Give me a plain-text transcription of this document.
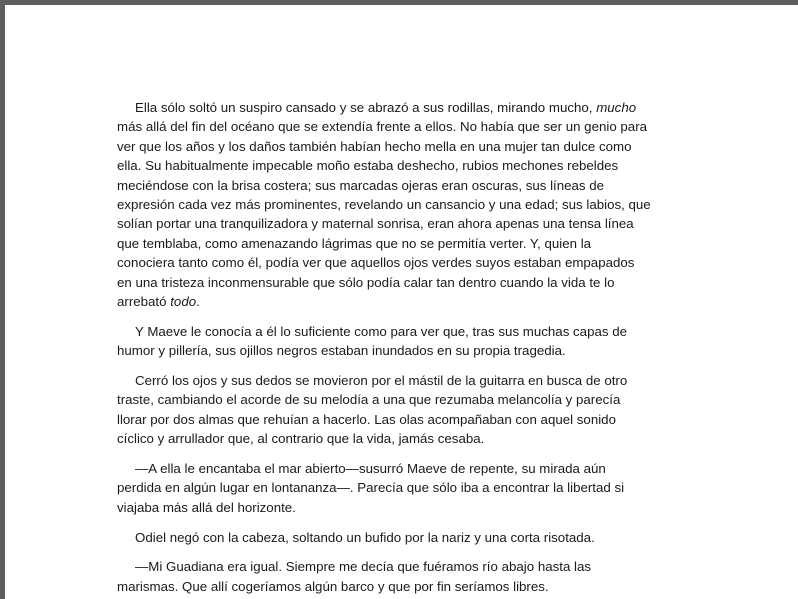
Ella sólo soltó un suspiro cansado y se abrazó a sus rodillas, mirando mucho, mucho
más allá del fin del océano que se extendía frente a ellos. No había que ser un genio para
ver que los años y los daños también habían hecho mella en una mujer tan dulce como
ella. Su habitualmente impecable moño estaba deshecho, rubios mechones rebeldes
meciéndose con la brisa costera; sus marcadas ojeras eran oscuras, sus líneas de
expresión cada vez más prominentes, revelando un cansancio y una edad; sus labios, que
solían portar una tranquilizadora y maternal sonrisa, eran ahora apenas una tensa línea
que temblaba, como amenazando lágrimas que no se permitía verter. Y, quien la
conociera tanto como él, podía ver que aquellos ojos verdes suyos estaban empapados
en una tristeza inconmensurable que sólo podía calar tan dentro cuando la vida te lo
arrebató todo.

Y Maeve le conocía a él lo suficiente como para ver que, tras sus muchas capas de
humor y pillería, sus ojillos negros estaban inundados en su propia tragedia.

Cerró los ojos y sus dedos se movieron por el mástil de la guitarra en busca de otro
traste, cambiando el acorde de su melodía a una que rezumaba melancolía y parecía
llorar por dos almas que rehuían a hacerlo. Las olas acompañaban con aquel sonido
cíclico y arrullador que, al contrario que la vida, jamás cesaba.

—A ella le encantaba el mar abierto—susurró Maeve de repente, su mirada aún
perdida en algún lugar en lontananza—. Parecía que sólo iba a encontrar la libertad si
viajaba más allá del horizonte.

Odiel negó con la cabeza, soltando un bufido por la nariz y una corta risotada.

—Mi Guadiana era igual. Siempre me decía que fuéramos río abajo hasta las
marismas. Que allí cogeríamos algún barco y que por fin seríamos libres.
